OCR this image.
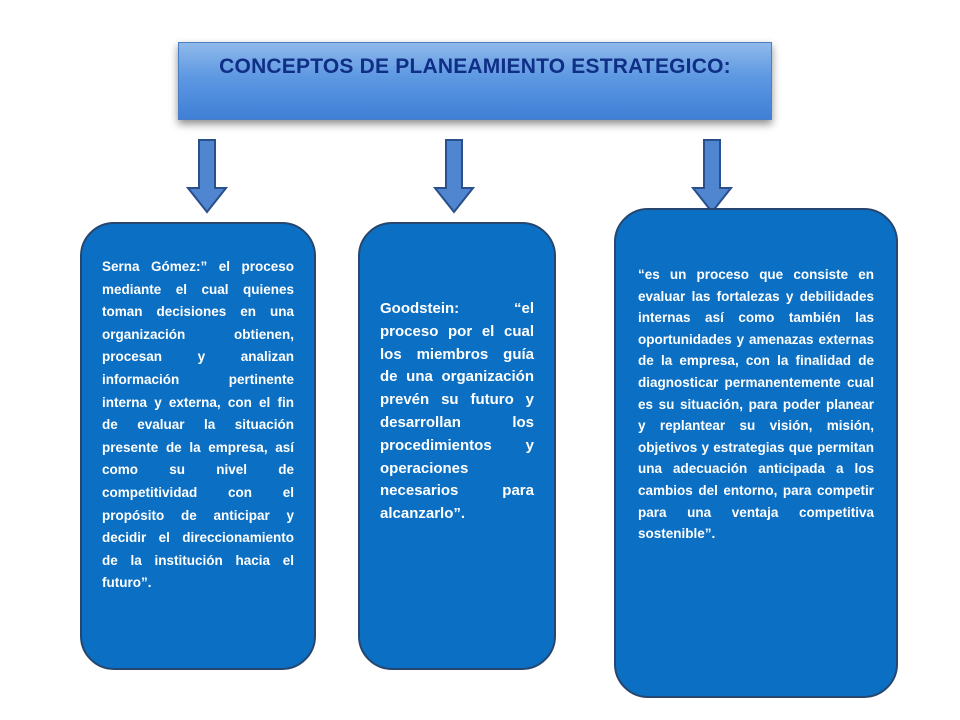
CONCEPTOS DE PLANEAMIENTO ESTRATEGICO:

Serna Gómez:” el proceso mediante el cual quienes toman decisiones en una organización obtienen, procesan y analizan información pertinente interna y externa, con el fin de evaluar la situación presente de la empresa, así como su nivel de competitividad con el propósito de anticipar y decidir el direccionamiento de la institución hacia el futuro”.

Goodstein: “el proceso por el cual los miembros guía de una organización prevén su futuro y desarrollan los procedimientos y operaciones necesarios para alcanzarlo”.

“es un proceso que consiste en evaluar las fortalezas y debilidades internas así como también las oportunidades y amenazas externas de la empresa, con la finalidad de diagnosticar permanentemente cual es su situación, para poder planear y replantear su visión, misión, objetivos y estrategias que permitan una adecuación anticipada a los cambios del entorno, para competir para una ventaja competitiva sostenible”.
